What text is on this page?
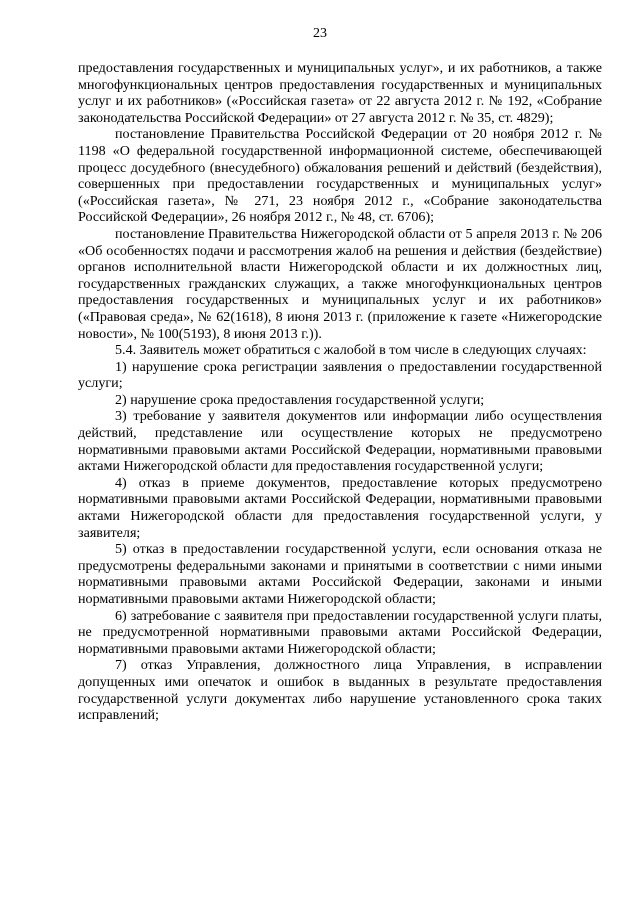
23

предоставления государственных и муниципальных услуг», и их работников, а также многофункциональных центров предоставления государственных и муниципальных услуг и их работников» («Российская газета» от 22 августа 2012 г. № 192, «Собрание законодательства Российской Федерации» от 27 августа 2012 г. № 35, ст. 4829);

постановление Правительства Российской Федерации от 20 ноября 2012 г. № 1198 «О федеральной государственной информационной системе, обеспечивающей процесс досудебного (внесудебного) обжалования решений и действий (бездействия), совершенных при предоставлении государственных и муниципальных услуг» («Российская газета», № 271, 23 ноября 2012 г., «Собрание законодательства Российской Федерации», 26 ноября 2012 г., № 48, ст. 6706);

постановление Правительства Нижегородской области от 5 апреля 2013 г. № 206 «Об особенностях подачи и рассмотрения жалоб на решения и действия (бездействие) органов исполнительной власти Нижегородской области и их должностных лиц, государственных гражданских служащих, а также многофункциональных центров предоставления государственных и муниципальных услуг и их работников» («Правовая среда», № 62(1618), 8 июня 2013 г. (приложение к газете «Нижегородские новости», № 100(5193), 8 июня 2013 г.)).

5.4. Заявитель может обратиться с жалобой в том числе в следующих случаях:

1) нарушение срока регистрации заявления о предоставлении государственной услуги;

2) нарушение срока предоставления государственной услуги;

3) требование у заявителя документов или информации либо осуществления действий, представление или осуществление которых не предусмотрено нормативными правовыми актами Российской Федерации, нормативными правовыми актами Нижегородской области для предоставления государственной услуги;

4) отказ в приеме документов, предоставление которых предусмотрено нормативными правовыми актами Российской Федерации, нормативными правовыми актами Нижегородской области для предоставления государственной услуги, у заявителя;

5) отказ в предоставлении государственной услуги, если основания отказа не предусмотрены федеральными законами и принятыми в соответствии с ними иными нормативными правовыми актами Российской Федерации, законами и иными нормативными правовыми актами Нижегородской области;

6) затребование с заявителя при предоставлении государственной услуги платы, не предусмотренной нормативными правовыми актами Российской Федерации, нормативными правовыми актами Нижегородской области;

7) отказ Управления, должностного лица Управления, в исправлении допущенных ими опечаток и ошибок в выданных в результате предоставления государственной услуги документах либо нарушение установленного срока таких исправлений;
